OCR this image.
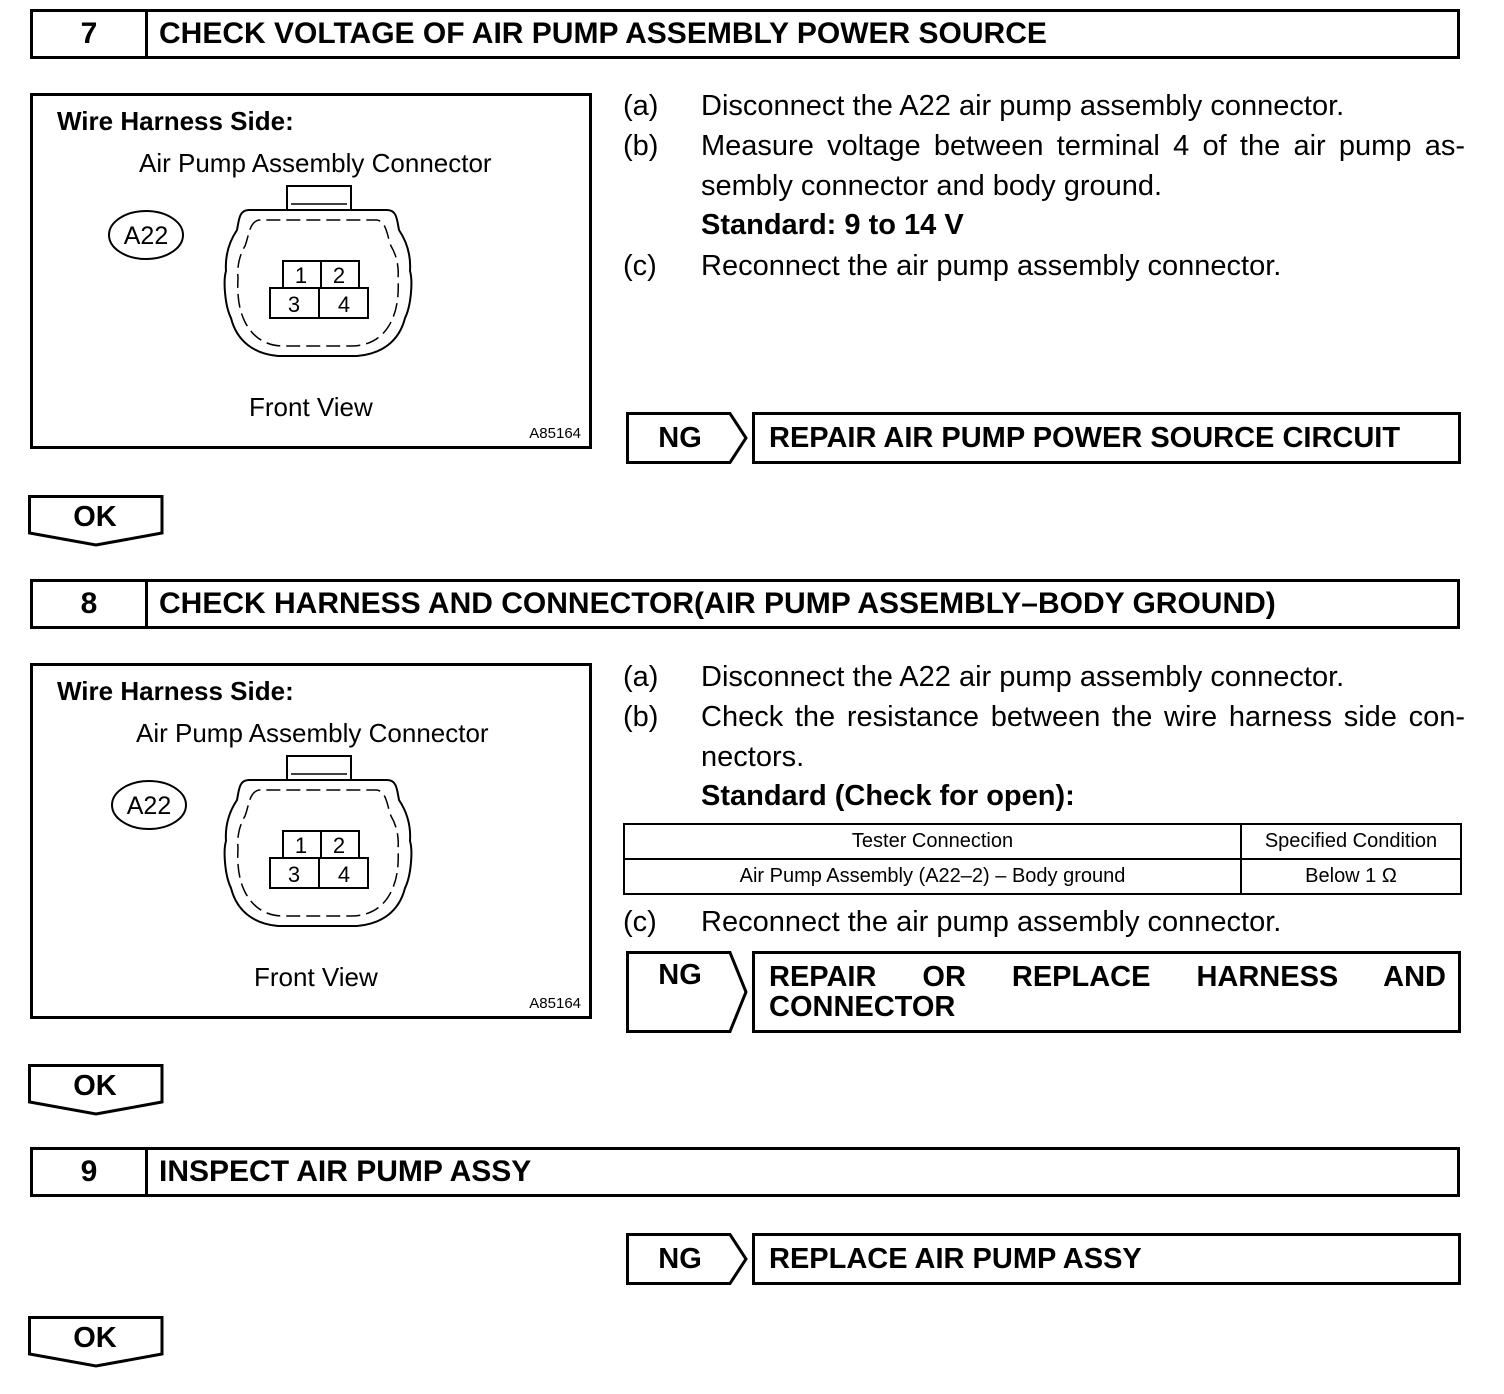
7	CHECK VOLTAGE OF AIR PUMP ASSEMBLY POWER SOURCE
Wire Harness Side:
Air Pump Assembly Connector
A22
1 2
3 4
Front View
A85164
(a) Disconnect the A22 air pump assembly connector.
(b) Measure voltage between terminal 4 of the air pump as- sembly connector and body ground.
Standard: 9 to 14 V
(c) Reconnect the air pump assembly connector.
NG	REPAIR AIR PUMP POWER SOURCE CIRCUIT
OK
8	CHECK HARNESS AND CONNECTOR(AIR PUMP ASSEMBLY–BODY GROUND)
Wire Harness Side:
Air Pump Assembly Connector
A22
1 2
3 4
Front View
A85164
(a) Disconnect the A22 air pump assembly connector.
(b) Check the resistance between the wire harness side con- nectors.
Standard (Check for open):
Tester Connection	Specified Condition
Air Pump Assembly (A22–2) – Body ground	Below 1 Ω
(c) Reconnect the air pump assembly connector.
NG	REPAIR OR REPLACE HARNESS AND CONNECTOR
OK
9	INSPECT AIR PUMP ASSY
NG	REPLACE AIR PUMP ASSY
OK
